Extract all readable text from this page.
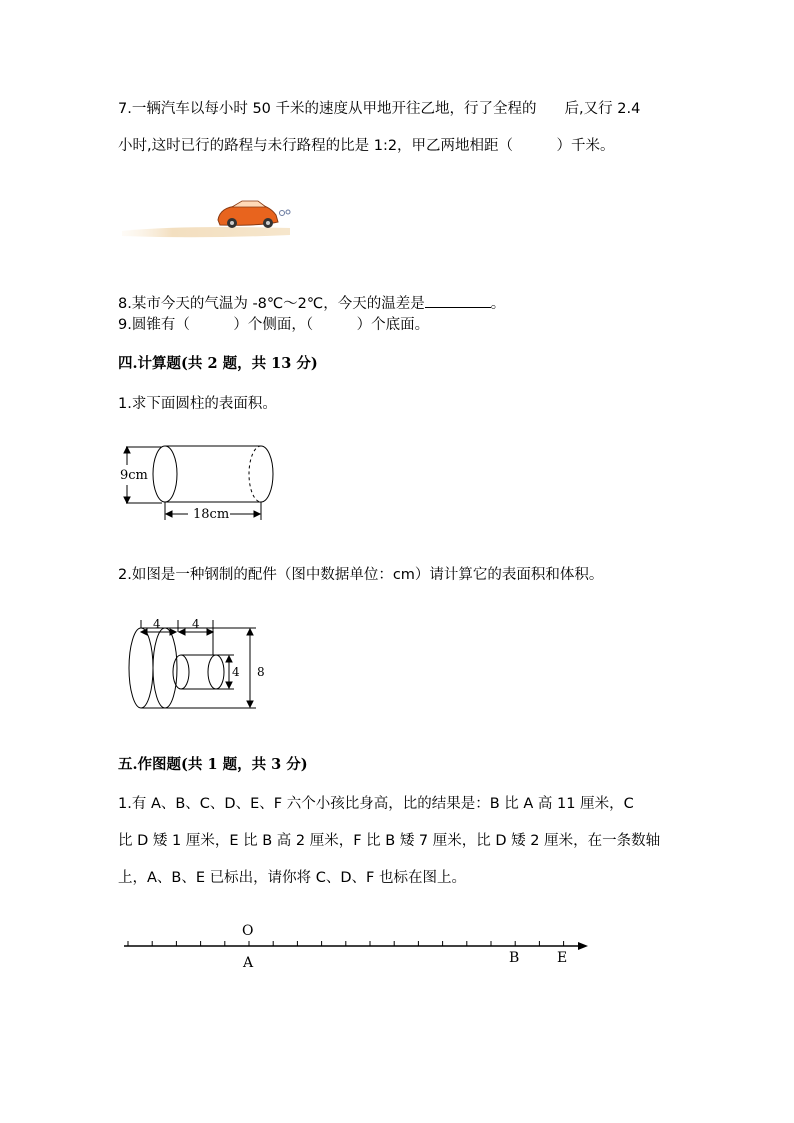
7.一辆汽车以每小时 50 千米的速度从甲地开往乙地，行了全程的 后,又行 2.4
小时,这时已行的路程与未行路程的比是 1:2，甲乙两地相距（　　　）千米。
8.某市今天的气温为 -8℃～2℃，今天的温差是	。
9.圆锥有（　　　）个侧面，（　　　）个底面。
四.计算题(共 2 题，共 13 分)
1.求下面圆柱的表面积。
9cm
18cm
2.如图是一种钢制的配件（图中数据单位：cm）请计算它的表面积和体积。
4	4
4 8
五.作图题(共 1 题，共 3 分)
1.有 A、B、C、D、E、F 六个小孩比身高，比的结果是：B 比 A 高 11 厘米，C
比 D 矮 1 厘米，E 比 B 高 2 厘米，F 比 B 矮 7 厘米，比 D 矮 2 厘米，在一条数轴
上，A、B、E 已标出，请你将 C、D、F 也标在图上。
O
A	B	E
